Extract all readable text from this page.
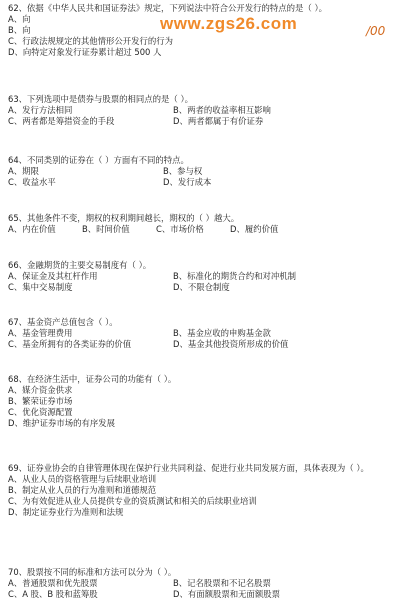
www.zgs26.com	/00
62、依据《中华人民共和国证券法》规定，下列说法中符合公开发行的特点的是（ ）。
A、向
B、向
C、行政法规规定的其他情形公开发行的行为
D、向特定对象发行证券累计超过 500 人
63、下列选项中是债券与股票的相同点的是（ ）。
A、发行方法相同	B、两者的收益率相互影响
C、两者都是筹措资金的手段	D、两者都属于有价证券
64、不同类别的证券在（ ）方面有不同的特点。
A、期限	B、参与权
C、收益水平	D、发行成本
65、其他条件不变，期权的权利期间越长，期权的（ ）越大。
A、内在价值	B、时间价值	C、市场价格	D、履约价值
66、金融期货的主要交易制度有（ ）。
A、保证金及其杠杆作用	B、标准化的期货合约和对冲机制
C、集中交易制度	D、不限仓制度
67、基金资产总值包含（ ）。
A、基金管理费用	B、基金应收的申购基金款
C、基金所拥有的各类证券的价值	D、基金其他投资所形成的价值
68、在经济生活中，证券公司的功能有（ ）。
A、媒介资金供求
B、繁荣证券市场
C、优化资源配置
D、维护证券市场的有序发展
69、证券业协会的自律管理体现在保护行业共同利益、促进行业共同发展方面，具体表现为（ ）。
A、从业人员的资格管理与后续职业培训
B、制定从业人员的行为准则和道德规范
C、为有效促进从业人员提供专业的资质测试和相关的后续职业培训
D、制定证券业行为准则和法规
70、股票按不同的标准和方法可以分为（ ）。
A、普通股票和优先股票	B、记名股票和不记名股票
C、A 股、B 股和蓝筹股	D、有面额股票和无面额股票
